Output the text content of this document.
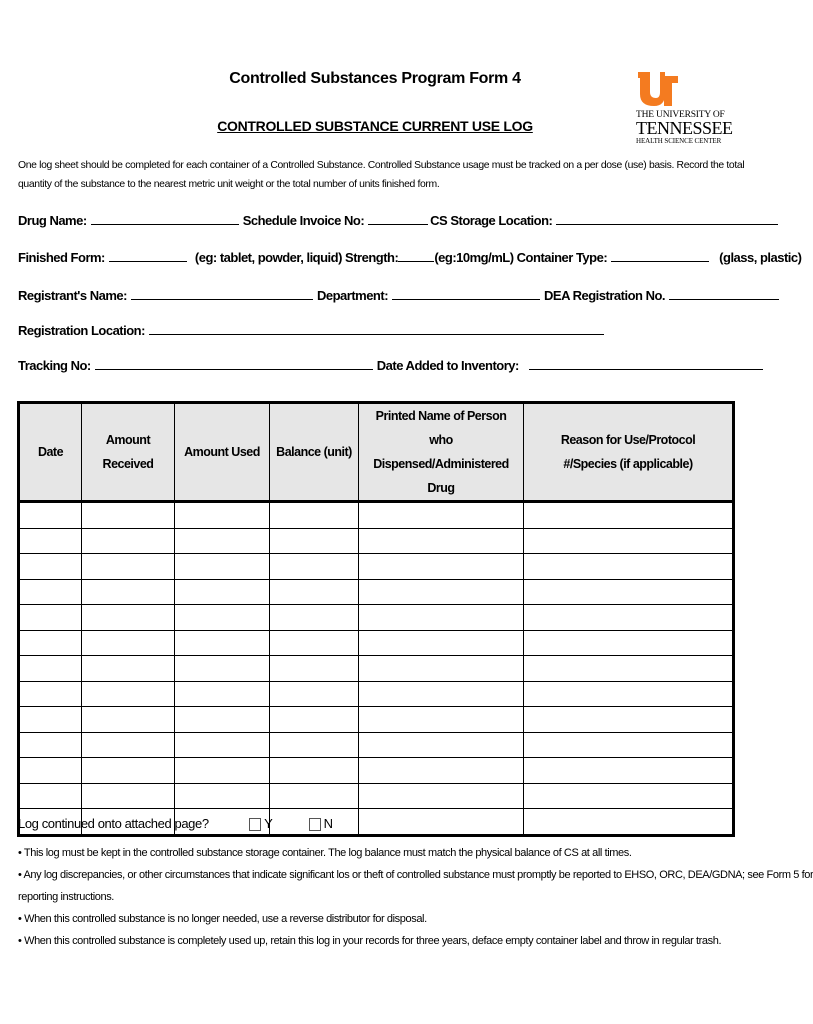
Controlled Substances Program Form 4
CONTROLLED SUBSTANCE CURRENT USE LOG
THE UNIVERSITY OF
TENNESSEE
HEALTH SCIENCE CENTER
One log sheet should be completed for each container of a Controlled Substance. Controlled Substance usage must be tracked on a per dose (use) basis. Record the total
quantity of the substance to the nearest metric unit weight or the total number of units finished form.
Drug Name:	Schedule Invoice No:	CS Storage Location:
Finished Form:	(eg: tablet, powder, liquid) Strength:	(eg:10mg/mL) Container Type:	(glass, plastic)
Registrant's Name:	Department:	DEA Registration No.
Registration Location:
Tracking No:	Date Added to Inventory:
Date	Amount Received	Amount Used	Balance (unit)	Printed Name of Person who Dispensed/Administered Drug	Reason for Use/Protocol #/Species (if applicable)

Log continued onto attached page?	Y	N
• This log must be kept in the controlled substance storage container. The log balance must match the physical balance of CS at all times.
• Any log discrepancies, or other circumstances that indicate significant los or theft of controlled substance must promptly be reported to EHSO, ORC, DEA/GDNA; see Form 5 for
reporting instructions.
• When this controlled substance is no longer needed, use a reverse distributor for disposal.
• When this controlled substance is completely used up, retain this log in your records for three years, deface empty container label and throw in regular trash.
